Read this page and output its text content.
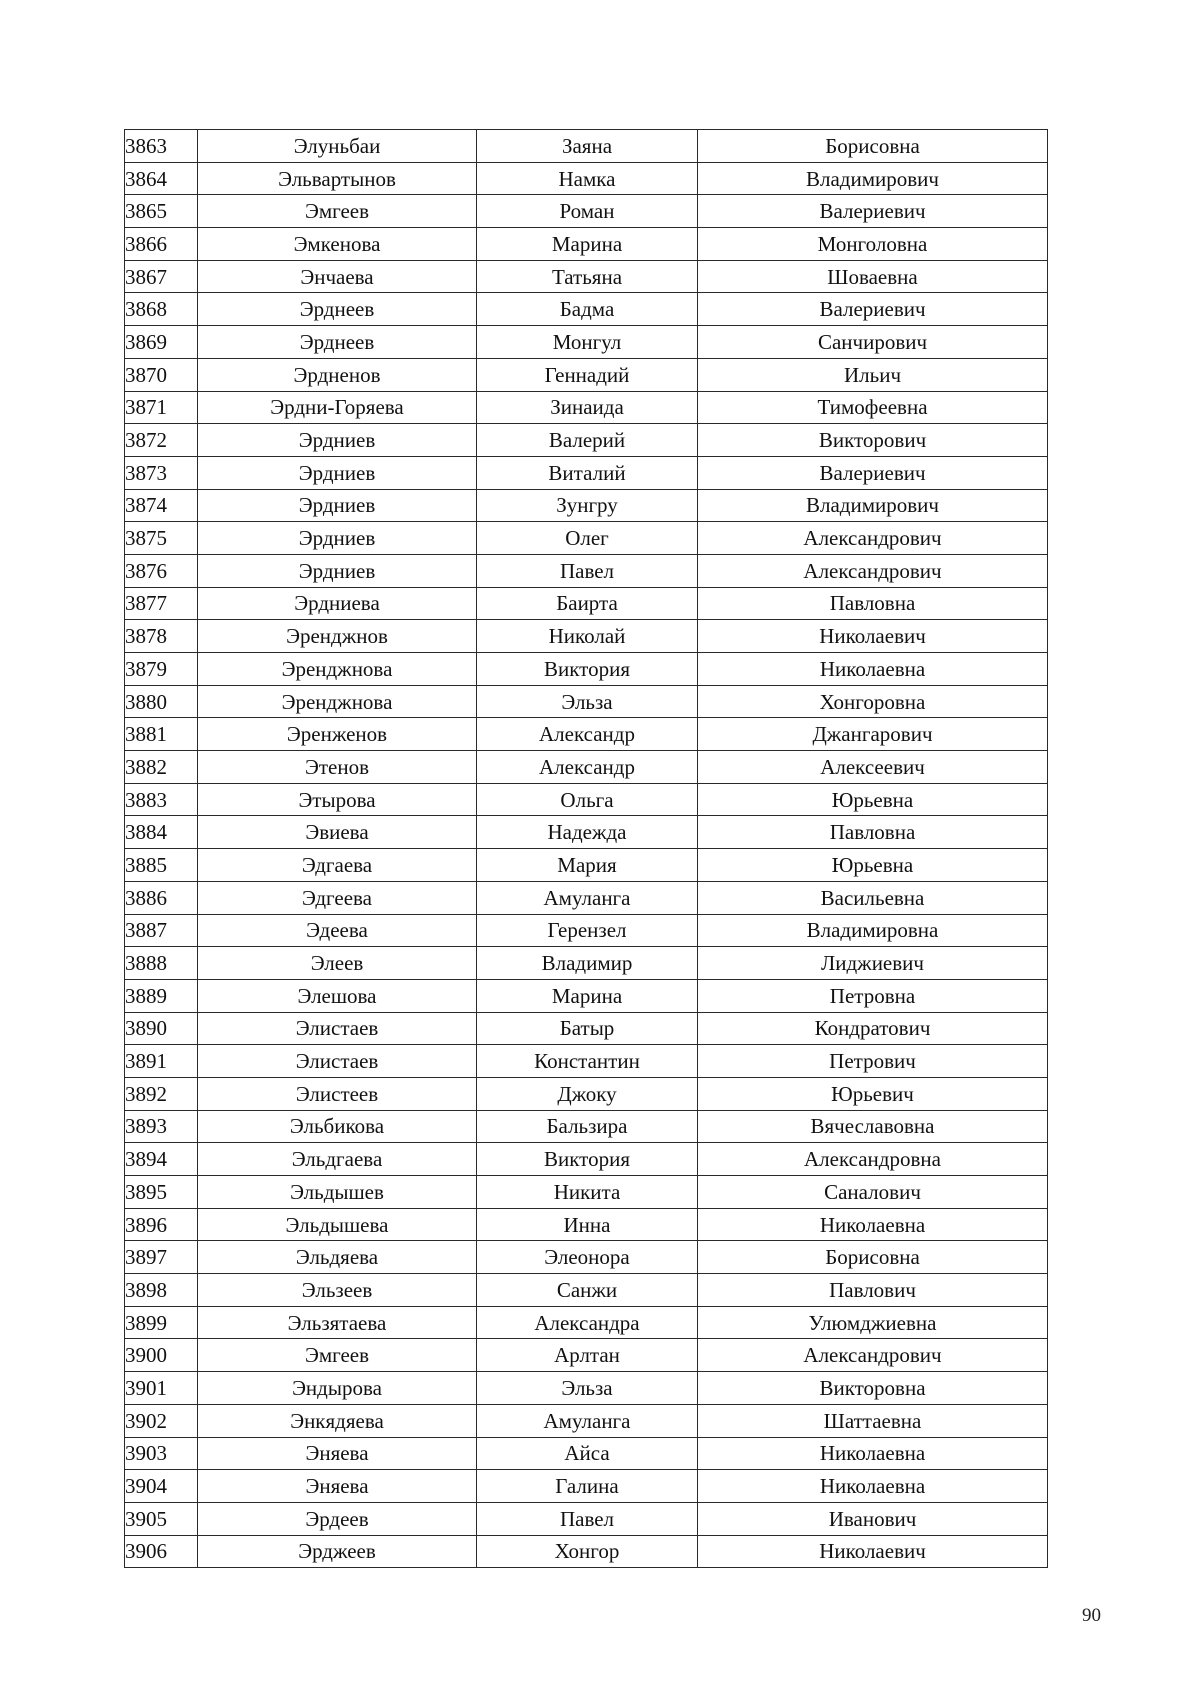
3863	Элуньбаи	Заяна	Борисовна
3864	Эльвартынов	Намка	Владимирович
3865	Эмгеев	Роман	Валериевич
3866	Эмкенова	Марина	Монголовна
3867	Энчаева	Татьяна	Шоваевна
3868	Эрднеев	Бадма	Валериевич
3869	Эрднеев	Монгул	Санчирович
3870	Эрдненов	Геннадий	Ильич
3871	Эрдни-Горяева	Зинаида	Тимофеевна
3872	Эрдниев	Валерий	Викторович
3873	Эрдниев	Виталий	Валериевич
3874	Эрдниев	Зунгру	Владимирович
3875	Эрдниев	Олег	Александрович
3876	Эрдниев	Павел	Александрович
3877	Эрдниева	Баирта	Павловна
3878	Эренджнов	Николай	Николаевич
3879	Эренджнова	Виктория	Николаевна
3880	Эренджнова	Эльза	Хонгоровна
3881	Эренженов	Александр	Джангарович
3882	Этенов	Александр	Алексеевич
3883	Этырова	Ольга	Юрьевна
3884	Эвиева	Надежда	Павловна
3885	Эдгаева	Мария	Юрьевна
3886	Эдгеева	Амуланга	Васильевна
3887	Эдеева	Герензел	Владимировна
3888	Элеев	Владимир	Лиджиевич
3889	Элешова	Марина	Петровна
3890	Элистаев	Батыр	Кондратович
3891	Элистаев	Константин	Петрович
3892	Элистеев	Джоку	Юрьевич
3893	Эльбикова	Бальзира	Вячеславовна
3894	Эльдгаева	Виктория	Александровна
3895	Эльдышев	Никита	Саналович
3896	Эльдышева	Инна	Николаевна
3897	Эльдяева	Элеонора	Борисовна
3898	Эльзеев	Санжи	Павлович
3899	Эльзятаева	Александра	Улюмджиевна
3900	Эмгеев	Арлтан	Александрович
3901	Эндырова	Эльза	Викторовна
3902	Энкядяева	Амуланга	Шаттаевна
3903	Эняева	Айса	Николаевна
3904	Эняева	Галина	Николаевна
3905	Эрдеев	Павел	Иванович
3906	Эрджеев	Хонгор	Николаевич
90
